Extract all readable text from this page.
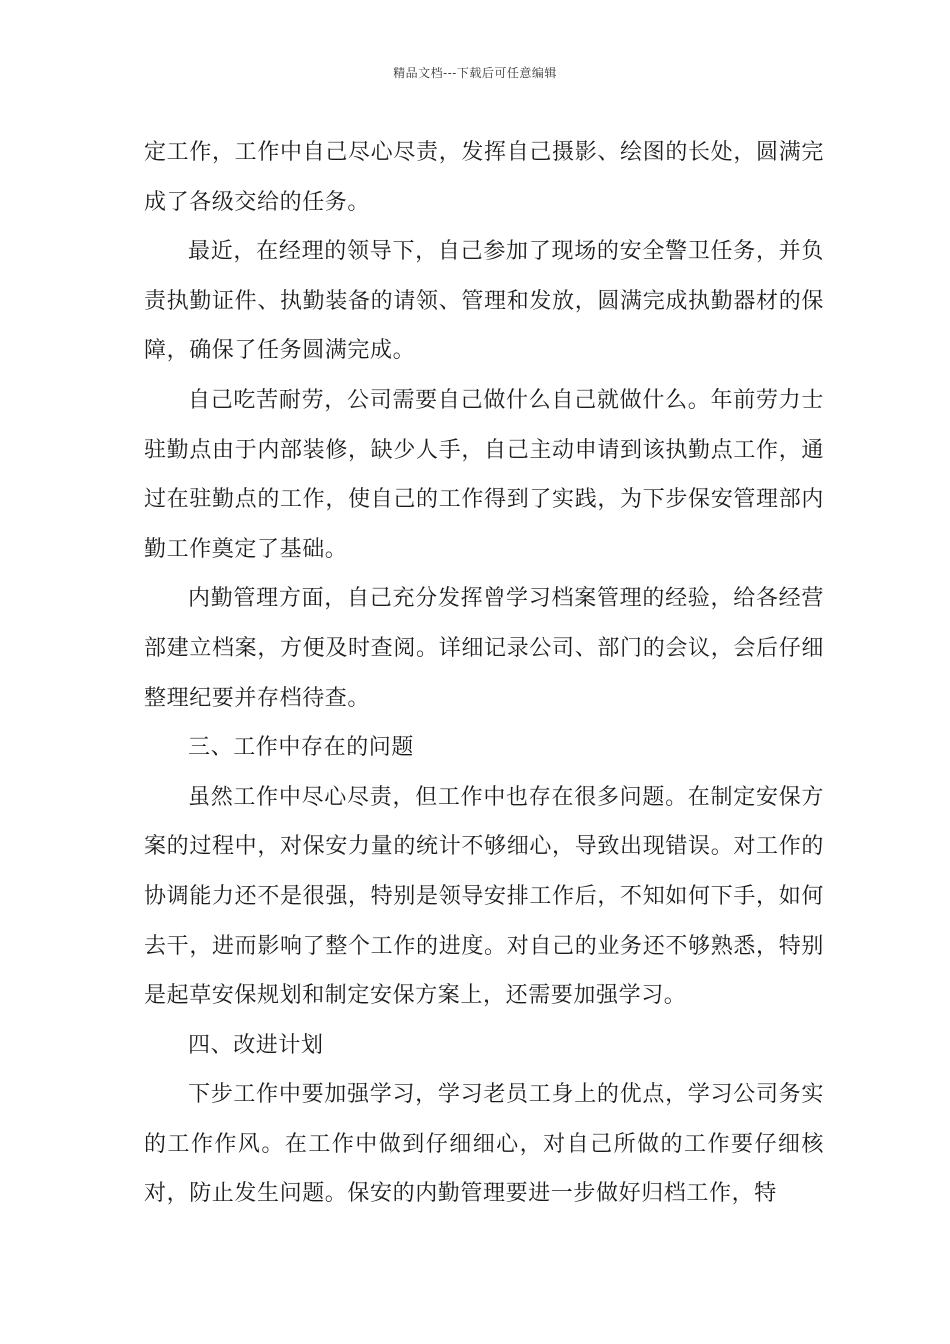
精品文档---下载后可任意编辑

定工作，工作中自己尽心尽责，发挥自己摄影、绘图的长处，圆满完成了各级交给的任务。

最近，在经理的领导下，自己参加了现场的安全警卫任务，并负责执勤证件、执勤装备的请领、管理和发放，圆满完成执勤器材的保障，确保了任务圆满完成。

自己吃苦耐劳，公司需要自己做什么自己就做什么。年前劳力士驻勤点由于内部装修，缺少人手，自己主动申请到该执勤点工作，通过在驻勤点的工作，使自己的工作得到了实践，为下步保安管理部内勤工作奠定了基础。

内勤管理方面，自己充分发挥曾学习档案管理的经验，给各经营部建立档案，方便及时查阅。详细记录公司、部门的会议，会后仔细整理纪要并存档待查。

三、工作中存在的问题

虽然工作中尽心尽责，但工作中也存在很多问题。在制定安保方案的过程中，对保安力量的统计不够细心，导致出现错误。对工作的协调能力还不是很强，特别是领导安排工作后，不知如何下手，如何去干，进而影响了整个工作的进度。对自己的业务还不够熟悉，特别是起草安保规划和制定安保方案上，还需要加强学习。

四、改进计划

下步工作中要加强学习，学习老员工身上的优点，学习公司务实的工作作风。在工作中做到仔细细心，对自己所做的工作要仔细核对，防止发生问题。保安的内勤管理要进一步做好归档工作，特
